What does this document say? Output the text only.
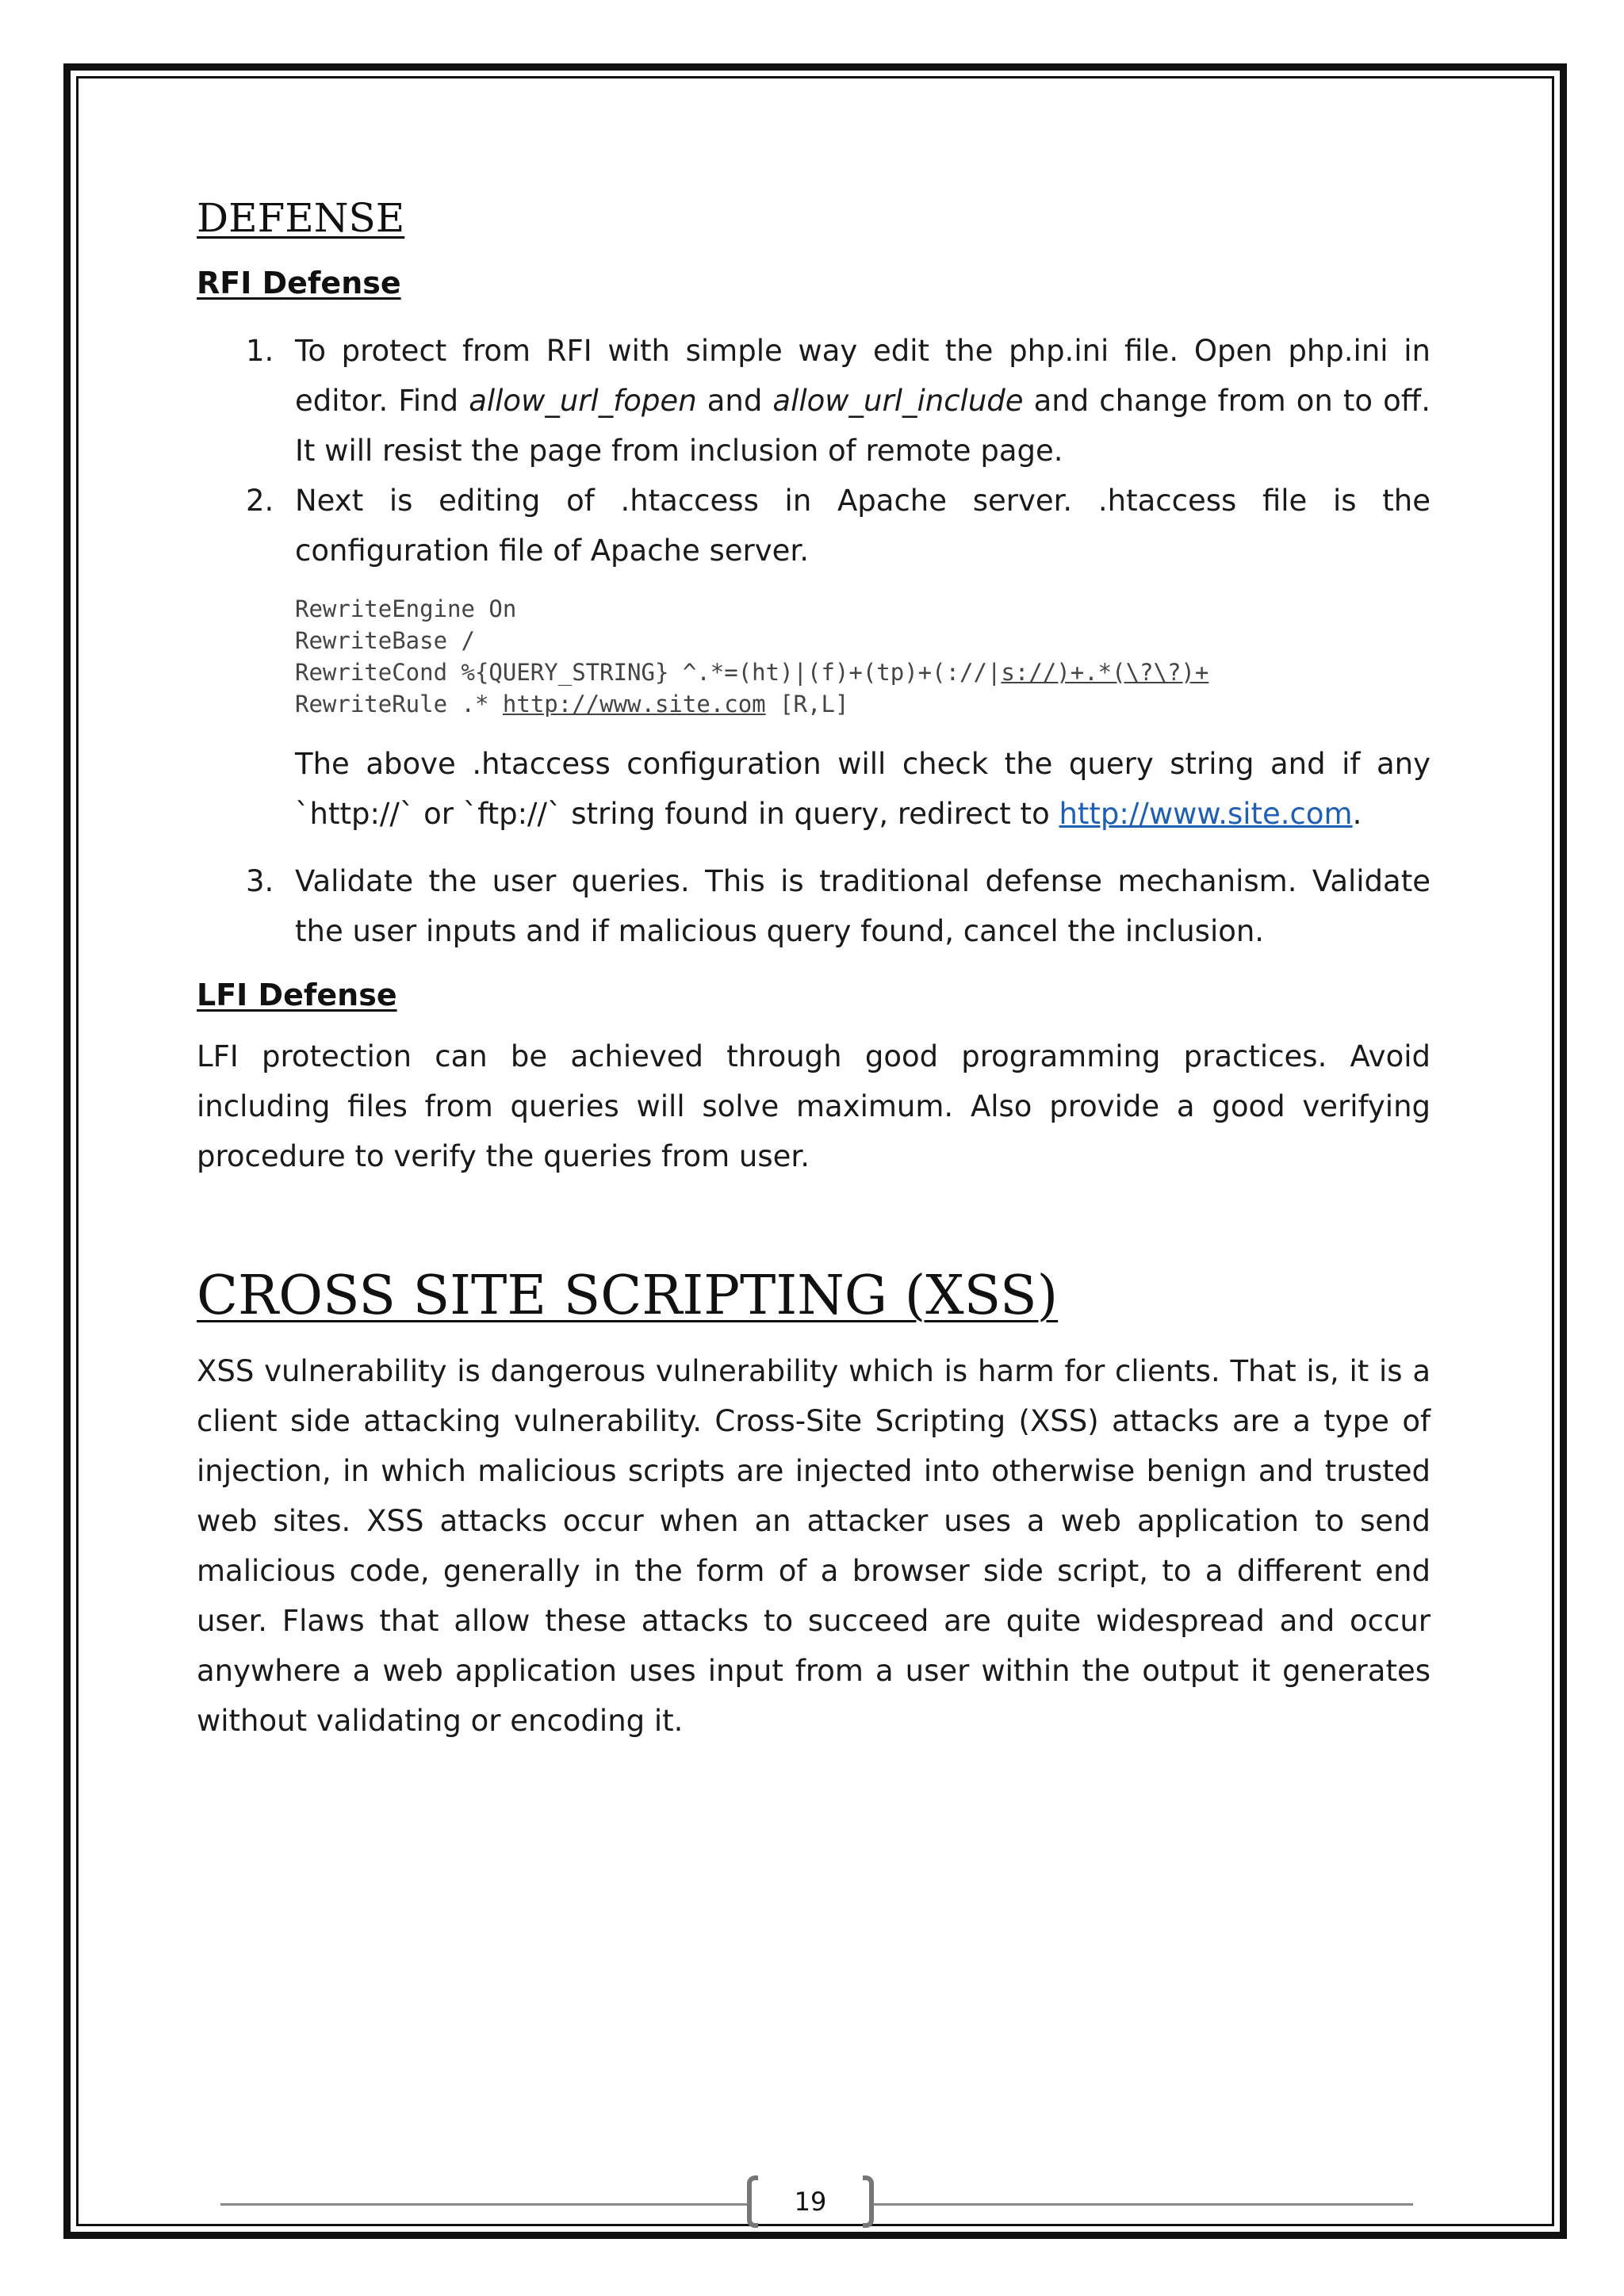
DEFENSE
RFI Defense
1. To protect from RFI with simple way edit the php.ini file. Open php.ini in editor. Find allow_url_fopen and allow_url_include and change from on to off. It will resist the page from inclusion of remote page.
2. Next is editing of .htaccess in Apache server. .htaccess file is the configuration file of Apache server.
RewriteEngine On
RewriteBase /
RewriteCond %{QUERY_STRING} ^.*=(ht)|(f)+(tp)+(://|s://)+.*(\?\?)+
RewriteRule .* http://www.site.com [R,L]

The above .htaccess configuration will check the query string and if any `http://` or `ftp://` string found in query, redirect to http://www.site.com.

3. Validate the user queries. This is traditional defense mechanism. Validate the user inputs and if malicious query found, cancel the inclusion.
LFI Defense

LFI protection can be achieved through good programming practices. Avoid including files from queries will solve maximum. Also provide a good verifying procedure to verify the queries from user.

CROSS SITE SCRIPTING (XSS)

XSS vulnerability is dangerous vulnerability which is harm for clients. That is, it is a client side attacking vulnerability. Cross-Site Scripting (XSS) attacks are a type of injection, in which malicious scripts are injected into otherwise benign and trusted web sites. XSS attacks occur when an attacker uses a web application to send malicious code, generally in the form of a browser side script, to a different end user. Flaws that allow these attacks to succeed are quite widespread and occur anywhere a web application uses input from a user within the output it generates without validating or encoding it.

19
